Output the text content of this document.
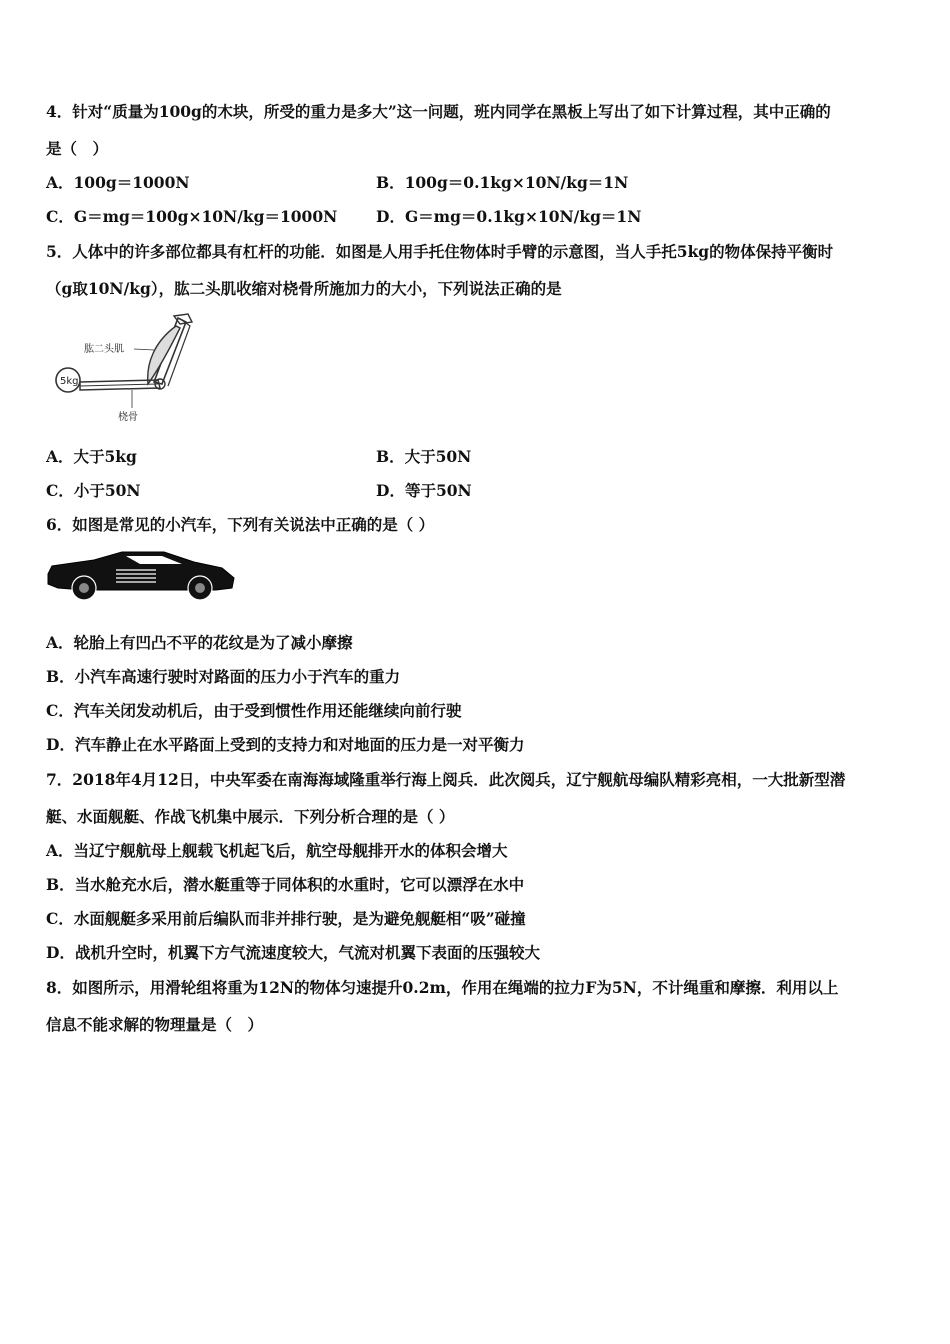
4．针对“质量为100g的木块，所受的重力是多大”这一问题，班内同学在黑板上写出了如下计算过程，其中正确的
是（　）
A．100g＝1000N	B．100g＝0.1kg×10N/kg＝1N
C．G＝mg＝100g×10N/kg＝1000N D．G＝mg＝0.1kg×10N/kg＝1N
5．人体中的许多部位都具有杠杆的功能．如图是人用手托住物体时手臂的示意图，当人手托5kg的物体保持平衡时
（g取10N/kg），肱二头肌收缩对桡骨所施加力的大小，下列说法正确的是
5kg
肱二头肌
桡骨
A．大于5kg	B．大于50N
C．小于50N	D．等于50N
6．如图是常见的小汽车，下列有关说法中正确的是（ ）
A．轮胎上有凹凸不平的花纹是为了减小摩擦
B．小汽车高速行驶时对路面的压力小于汽车的重力
C．汽车关闭发动机后，由于受到惯性作用还能继续向前行驶
D．汽车静止在水平路面上受到的支持力和对地面的压力是一对平衡力
7．2018年4月12日，中央军委在南海海域隆重举行海上阅兵．此次阅兵，辽宁舰航母编队精彩亮相，一大批新型潜
艇、水面舰艇、作战飞机集中展示．下列分析合理的是（ ）
A．当辽宁舰航母上舰载飞机起飞后，航空母舰排开水的体积会增大
B．当水舱充水后，潜水艇重等于同体积的水重时，它可以漂浮在水中
C．水面舰艇多采用前后编队而非并排行驶，是为避免舰艇相“吸”碰撞
D．战机升空时，机翼下方气流速度较大，气流对机翼下表面的压强较大
8．如图所示，用滑轮组将重为12N的物体匀速提升0.2m，作用在绳端的拉力F为5N，不计绳重和摩擦．利用以上
信息不能求解的物理量是（　）
